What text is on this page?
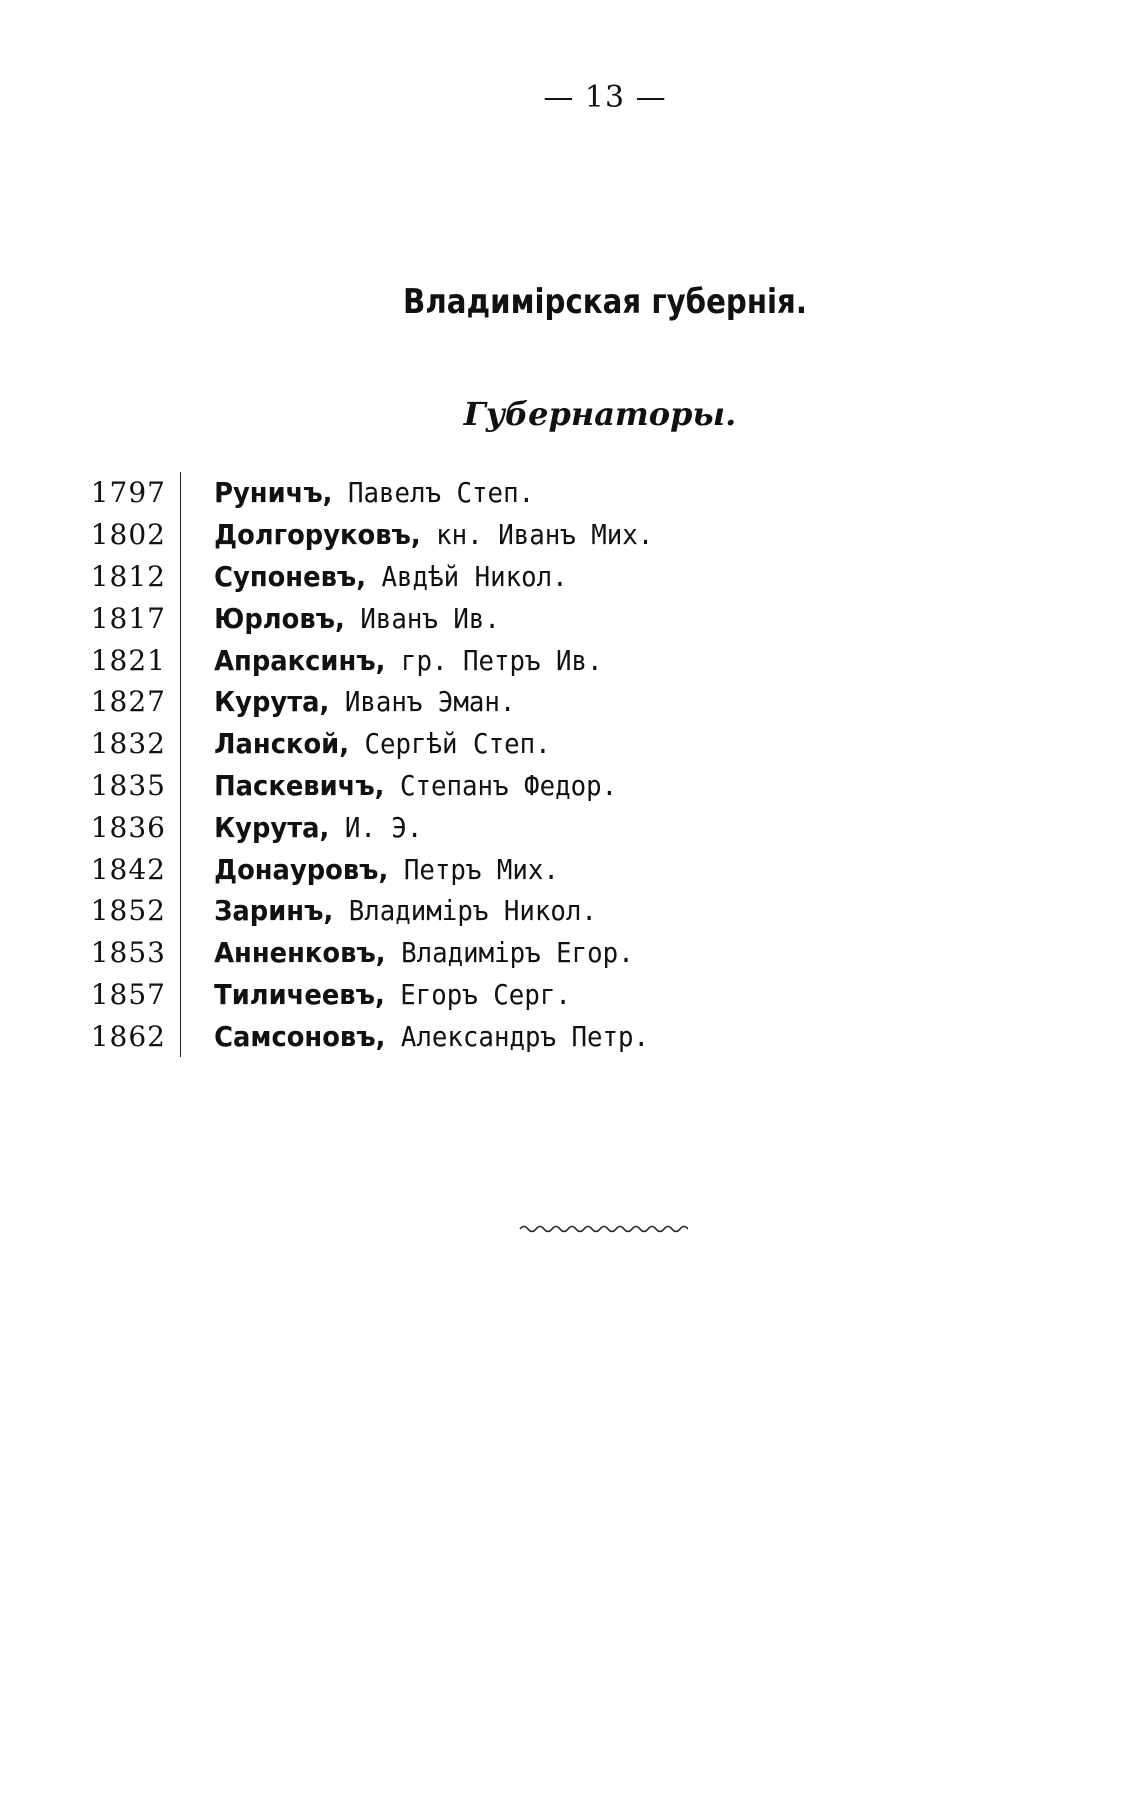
— 13 —
Владимірская губернія.
Губернаторы.
1797	Руничъ, Павелъ Степ.
1802	Долгоруковъ, кн. Иванъ Мих.
1812	Супоневъ, Авдѣй Никол.
1817	Юрловъ, Иванъ Ив.
1821	Апраксинъ, гр. Петръ Ив.
1827	Курута, Иванъ Эман.
1832	Ланской, Сергѣй Степ.
1835	Паскевичъ, Степанъ Федор.
1836	Курута, И. Э.
1842	Донауровъ, Петръ Мих.
1852	Заринъ, Владиміръ Никол.
1853	Анненковъ, Владиміръ Егор.
1857	Тиличеевъ, Егоръ Серг.
1862	Самсоновъ, Александръ Петр.
